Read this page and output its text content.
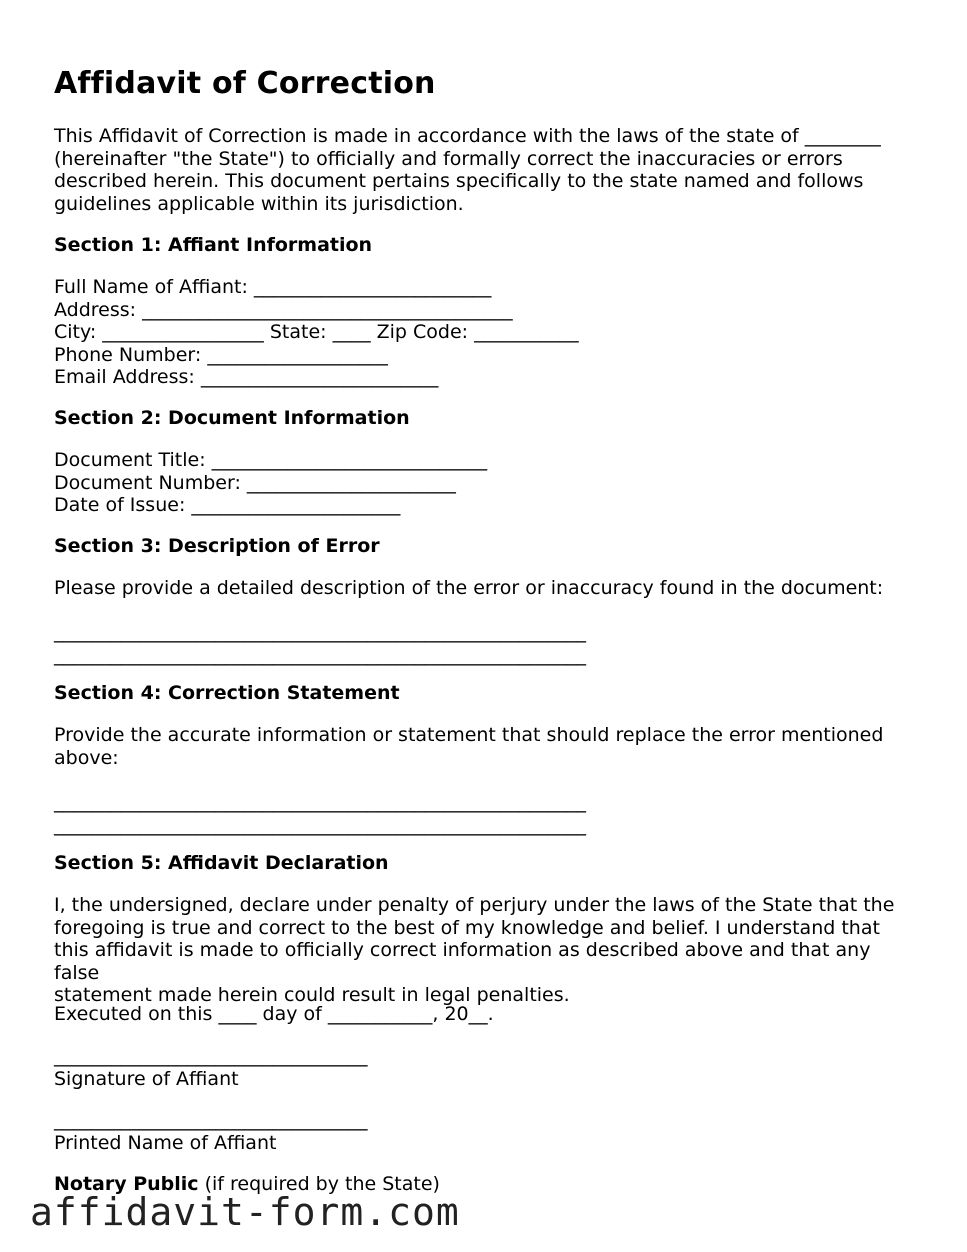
Affidavit of Correction
This Affidavit of Correction is made in accordance with the laws of the state of ________
(hereinafter "the State") to officially and formally correct the inaccuracies or errors
described herein. This document pertains specifically to the state named and follows
guidelines applicable within its jurisdiction.
Section 1: Affiant Information
Full Name of Affiant: _________________________
Address: _______________________________________
City: _________________ State: ____ Zip Code: ___________
Phone Number: ___________________
Email Address: _________________________
Section 2: Document Information
Document Title: _____________________________
Document Number: ______________________
Date of Issue: ______________________
Section 3: Description of Error

Please provide a detailed description of the error or inaccuracy found in the document:

________________________________________________________
________________________________________________________
Section 4: Correction Statement
Provide the accurate information or statement that should replace the error mentioned
above:
________________________________________________________
________________________________________________________
Section 5: Affidavit Declaration
I, the undersigned, declare under penalty of perjury under the laws of the State that the
foregoing is true and correct to the best of my knowledge and belief. I understand that
this affidavit is made to officially correct information as described above and that any false
statement made herein could result in legal penalties.

Executed on this ____ day of ___________, 20__.

_________________________________
Signature of Affiant
_________________________________
Printed Name of Affiant

Notary Public (if required by the State)

affidavit-form.com
